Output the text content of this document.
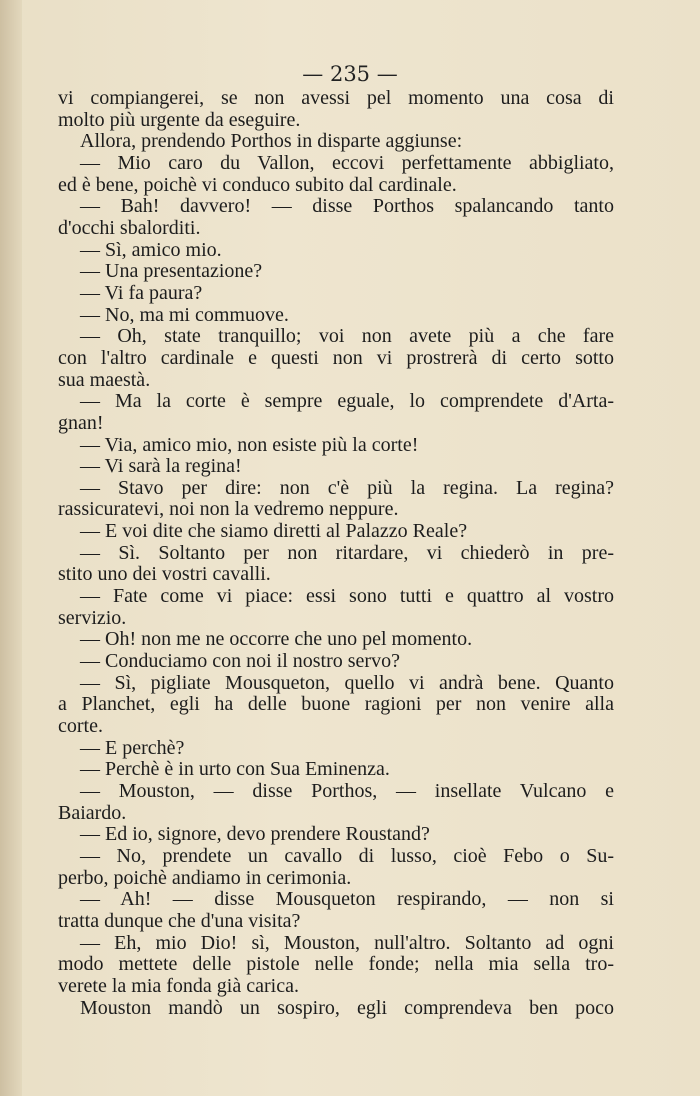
— 235 —
vi compiangerei, se non avessi pel momento una cosa di
molto più urgente da eseguire.
Allora, prendendo Porthos in disparte aggiunse:
— Mio caro du Vallon, eccovi perfettamente abbigliato,
ed è bene, poichè vi conduco subito dal cardinale.
— Bah! davvero! — disse Porthos spalancando tanto
d'occhi sbalorditi.
— Sì, amico mio.
— Una presentazione?
— Vi fa paura?
— No, ma mi commuove.
— Oh, state tranquillo; voi non avete più a che fare
con l'altro cardinale e questi non vi prostrerà di certo sotto
sua maestà.
— Ma la corte è sempre eguale, lo comprendete d'Arta-
gnan!
— Via, amico mio, non esiste più la corte!
— Vi sarà la regina!
— Stavo per dire: non c'è più la regina. La regina?
rassicuratevi, noi non la vedremo neppure.
— E voi dite che siamo diretti al Palazzo Reale?
— Sì. Soltanto per non ritardare, vi chiederò in pre-
stito uno dei vostri cavalli.
— Fate come vi piace: essi sono tutti e quattro al vostro
servizio.
— Oh! non me ne occorre che uno pel momento.
— Conduciamo con noi il nostro servo?
— Sì, pigliate Mousqueton, quello vi andrà bene. Quanto
a Planchet, egli ha delle buone ragioni per non venire alla
corte.
— E perchè?
— Perchè è in urto con Sua Eminenza.
— Mouston, — disse Porthos, — insellate Vulcano e
Baiardo.
— Ed io, signore, devo prendere Roustand?
— No, prendete un cavallo di lusso, cioè Febo o Su-
perbo, poichè andiamo in cerimonia.
— Ah! — disse Mousqueton respirando, — non si
tratta dunque che d'una visita?
— Eh, mio Dio! sì, Mouston, null'altro. Soltanto ad ogni
modo mettete delle pistole nelle fonde; nella mia sella tro-
verete la mia fonda già carica.
Mouston mandò un sospiro, egli comprendeva ben poco
